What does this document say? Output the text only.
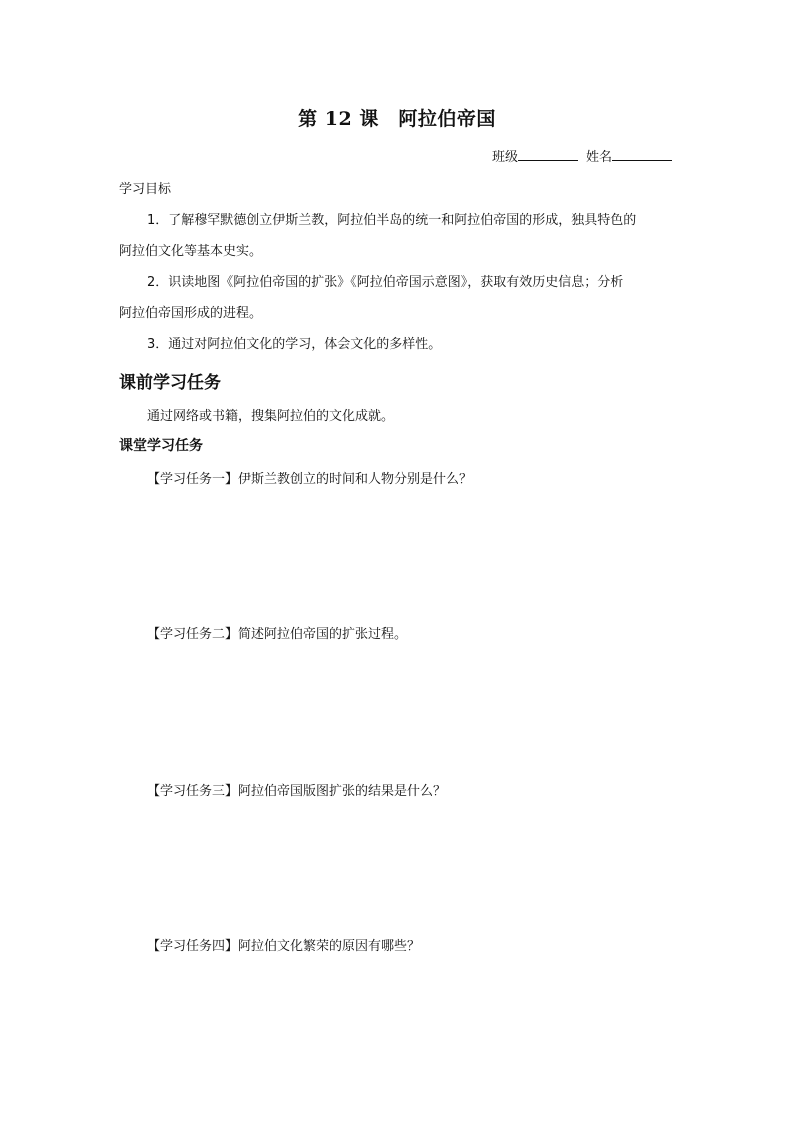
第 12 课　阿拉伯帝国
班级	姓名
学习目标
1．了解穆罕默德创立伊斯兰教，阿拉伯半岛的统一和阿拉伯帝国的形成，独具特色的
阿拉伯文化等基本史实。
2．识读地图《阿拉伯帝国的扩张》《阿拉伯帝国示意图》，获取有效历史信息；分析
阿拉伯帝国形成的进程。
3．通过对阿拉伯文化的学习，体会文化的多样性。
课前学习任务
通过网络或书籍，搜集阿拉伯的文化成就。
课堂学习任务
【学习任务一】伊斯兰教创立的时间和人物分别是什么？
【学习任务二】简述阿拉伯帝国的扩张过程。
【学习任务三】阿拉伯帝国版图扩张的结果是什么？
【学习任务四】阿拉伯文化繁荣的原因有哪些？
